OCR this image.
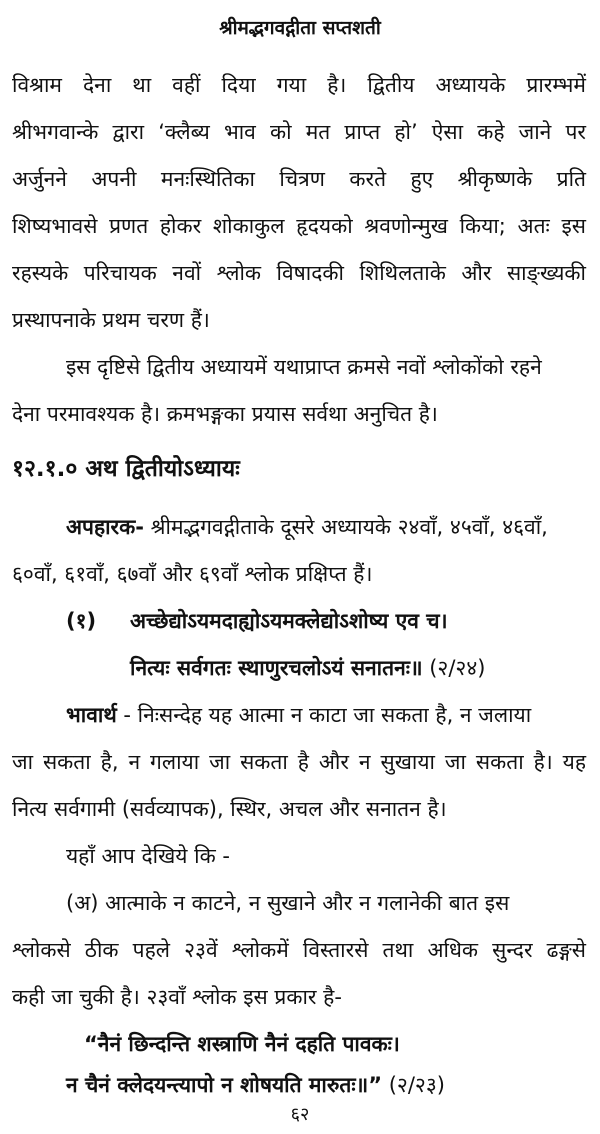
श्रीमद्भगवद्गीता सप्तशती
विश्राम देना था वहीं दिया गया है। द्वितीय अध्यायके प्रारम्भमें
श्रीभगवान्के द्वारा ‘क्लैब्य भाव को मत प्राप्त हो’ ऐसा कहे जाने पर
अर्जुनने अपनी मनःस्थितिका चित्रण करते हुए श्रीकृष्णके प्रति
शिष्यभावसे प्रणत होकर शोकाकुल हृदयको श्रवणोन्मुख किया; अतः इस
रहस्यके परिचायक नवों श्लोक विषादकी शिथिलताके और साङ्ख्यकी
प्रस्थापनाके प्रथम चरण हैं।
इस दृष्टिसे द्वितीय अध्यायमें यथाप्राप्त क्रमसे नवों श्लोकोंको रहने
देना परमावश्यक है। क्रमभङ्गका प्रयास सर्वथा अनुचित है।
१२.१.० अथ द्वितीयोऽध्यायः
अपहारक- श्रीमद्भगवद्गीताके दूसरे अध्यायके २४वाँ, ४५वाँ, ४६वाँ,
६०वाँ, ६१वाँ, ६७वाँ और ६९वाँ श्लोक प्रक्षिप्त हैं।
(१) अच्छेद्योऽयमदाह्योऽयमक्लेद्योऽशोष्य एव च।
नित्यः सर्वगतः स्थाणुरचलोऽयं सनातनः॥ (२/२४)
भावार्थ - निःसन्देह यह आत्मा न काटा जा सकता है, न जलाया
जा सकता है, न गलाया जा सकता है और न सुखाया जा सकता है। यह
नित्य सर्वगामी (सर्वव्यापक), स्थिर, अचल और सनातन है।
यहाँ आप देखिये कि -
(अ) आत्माके न काटने, न सुखाने और न गलानेकी बात इस
श्लोकसे ठीक पहले २३वें श्लोकमें विस्तारसे तथा अधिक सुन्दर ढङ्गसे
कही जा चुकी है। २३वाँ श्लोक इस प्रकार है-
“नैनं छिन्दन्ति शस्त्राणि नैनं दहति पावकः।
न चैनं क्लेदयन्त्यापो न शोषयति मारुतः॥” (२/२३)
६२
